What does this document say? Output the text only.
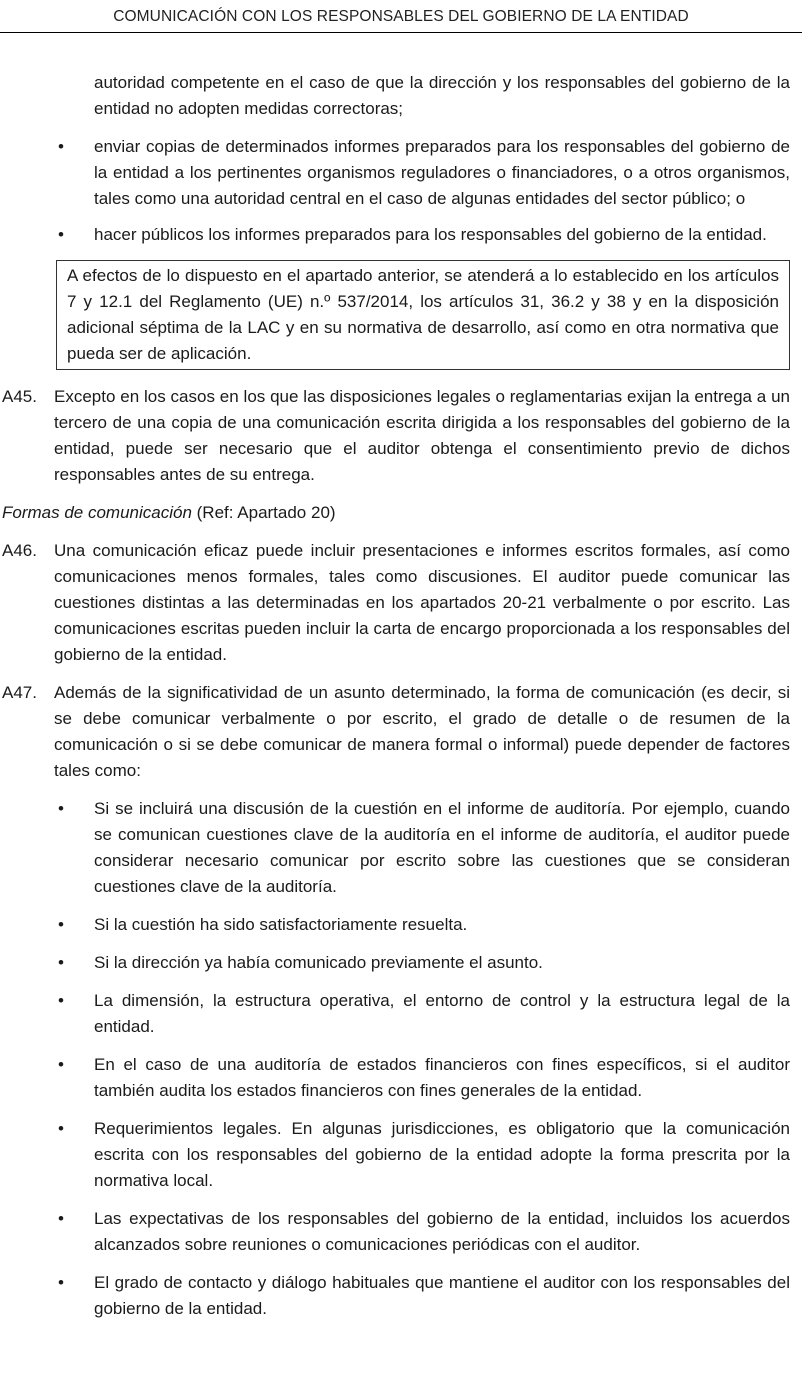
COMUNICACIÓN CON LOS RESPONSABLES DEL GOBIERNO DE LA ENTIDAD

autoridad competente en el caso de que la dirección y los responsables del gobierno de la entidad no adopten medidas correctoras;

• enviar copias de determinados informes preparados para los responsables del gobierno de la entidad a los pertinentes organismos reguladores o financiadores, o a otros organismos, tales como una autoridad central en el caso de algunas entidades del sector público; o
• hacer públicos los informes preparados para los responsables del gobierno de la entidad.
A efectos de lo dispuesto en el apartado anterior, se atenderá a lo establecido en los artículos 7 y 12.1 del Reglamento (UE) n.º 537/2014, los artículos 31, 36.2 y 38 y en la disposición adicional séptima de la LAC y en su normativa de desarrollo, así como en otra normativa que pueda ser de aplicación.
A45. Excepto en los casos en los que las disposiciones legales o reglamentarias exijan la entrega a un tercero de una copia de una comunicación escrita dirigida a los responsables del gobierno de la entidad, puede ser necesario que el auditor obtenga el consentimiento previo de dichos responsables antes de su entrega.
Formas de comunicación (Ref: Apartado 20)
A46. Una comunicación eficaz puede incluir presentaciones e informes escritos formales, así como comunicaciones menos formales, tales como discusiones. El auditor puede comunicar las cuestiones distintas a las determinadas en los apartados 20-21 verbalmente o por escrito. Las comunicaciones escritas pueden incluir la carta de encargo proporcionada a los responsables del gobierno de la entidad.
A47. Además de la significatividad de un asunto determinado, la forma de comunicación (es decir, si se debe comunicar verbalmente o por escrito, el grado de detalle o de resumen de la comunicación o si se debe comunicar de manera formal o informal) puede depender de factores tales como:
• Si se incluirá una discusión de la cuestión en el informe de auditoría. Por ejemplo, cuando se comunican cuestiones clave de la auditoría en el informe de auditoría, el auditor puede considerar necesario comunicar por escrito sobre las cuestiones que se consideran cuestiones clave de la auditoría.
• Si la cuestión ha sido satisfactoriamente resuelta.
• Si la dirección ya había comunicado previamente el asunto.
• La dimensión, la estructura operativa, el entorno de control y la estructura legal de la entidad.
• En el caso de una auditoría de estados financieros con fines específicos, si el auditor también audita los estados financieros con fines generales de la entidad.
• Requerimientos legales. En algunas jurisdicciones, es obligatorio que la comunicación escrita con los responsables del gobierno de la entidad adopte la forma prescrita por la normativa local.
• Las expectativas de los responsables del gobierno de la entidad, incluidos los acuerdos alcanzados sobre reuniones o comunicaciones periódicas con el auditor.
• El grado de contacto y diálogo habituales que mantiene el auditor con los responsables del gobierno de la entidad.
